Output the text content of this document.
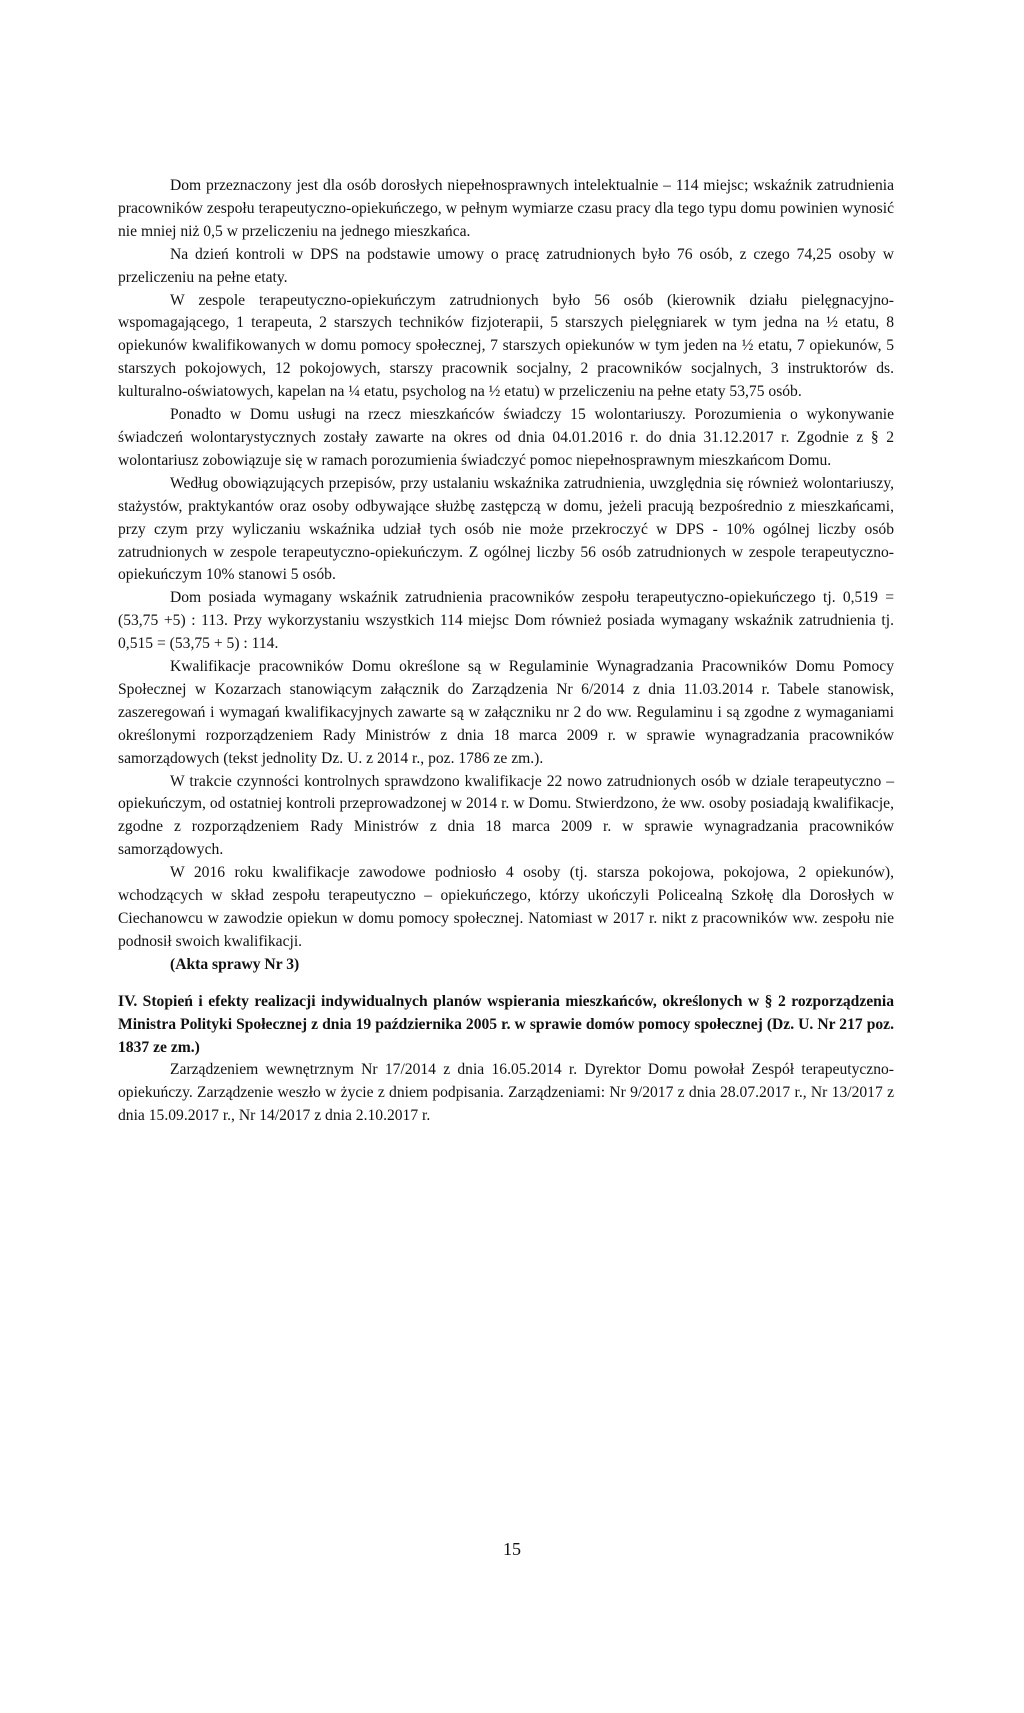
Dom przeznaczony jest dla osób dorosłych niepełnosprawnych intelektualnie – 114 miejsc; wskaźnik zatrudnienia pracowników zespołu terapeutyczno-opiekuńczego, w pełnym wymiarze czasu pracy dla tego typu domu powinien wynosić nie mniej niż 0,5 w przeliczeniu na jednego mieszkańca.

Na dzień kontroli w DPS na podstawie umowy o pracę zatrudnionych było 76 osób, z czego 74,25 osoby w przeliczeniu na pełne etaty.

W zespole terapeutyczno-opiekuńczym zatrudnionych było 56 osób (kierownik działu pielęgnacyjno-wspomagającego, 1 terapeuta, 2 starszych techników fizjoterapii, 5 starszych pielęgniarek w tym jedna na ½ etatu, 8 opiekunów kwalifikowanych w domu pomocy społecznej, 7 starszych opiekunów w tym jeden na ½ etatu, 7 opiekunów, 5 starszych pokojowych, 12 pokojowych, starszy pracownik socjalny, 2 pracowników socjalnych, 3 instruktorów ds. kulturalno-oświatowych, kapelan na ¼ etatu, psycholog na ½ etatu) w przeliczeniu na pełne etaty 53,75 osób.

Ponadto w Domu usługi na rzecz mieszkańców świadczy 15 wolontariuszy. Porozumienia o wykonywanie świadczeń wolontarystycznych zostały zawarte na okres od dnia 04.01.2016 r. do dnia 31.12.2017 r. Zgodnie z § 2 wolontariusz zobowiązuje się w ramach porozumienia świadczyć pomoc niepełnosprawnym mieszkańcom Domu.

Według obowiązujących przepisów, przy ustalaniu wskaźnika zatrudnienia, uwzględnia się również wolontariuszy, stażystów, praktykantów oraz osoby odbywające służbę zastępczą w domu, jeżeli pracują bezpośrednio z mieszkańcami, przy czym przy wyliczaniu wskaźnika udział tych osób nie może przekroczyć w DPS - 10% ogólnej liczby osób zatrudnionych w zespole terapeutyczno-opiekuńczym. Z ogólnej liczby 56 osób zatrudnionych w zespole terapeutyczno-opiekuńczym 10% stanowi 5 osób.

Dom posiada wymagany wskaźnik zatrudnienia pracowników zespołu terapeutyczno-opiekuńczego tj. 0,519 = (53,75 +5) : 113. Przy wykorzystaniu wszystkich 114 miejsc Dom również posiada wymagany wskaźnik zatrudnienia tj. 0,515 = (53,75 + 5) : 114.

Kwalifikacje pracowników Domu określone są w Regulaminie Wynagradzania Pracowników Domu Pomocy Społecznej w Kozarzach stanowiącym załącznik do Zarządzenia Nr 6/2014 z dnia 11.03.2014 r. Tabele stanowisk, zaszeregowań i wymagań kwalifikacyjnych zawarte są w załączniku nr 2 do ww. Regulaminu i są zgodne z wymaganiami określonymi rozporządzeniem Rady Ministrów z dnia 18 marca 2009 r. w sprawie wynagradzania pracowników samorządowych (tekst jednolity Dz. U. z 2014 r., poz. 1786 ze zm.).

W trakcie czynności kontrolnych sprawdzono kwalifikacje 22 nowo zatrudnionych osób w dziale terapeutyczno – opiekuńczym, od ostatniej kontroli przeprowadzonej w 2014 r. w Domu. Stwierdzono, że ww. osoby posiadają kwalifikacje, zgodne z rozporządzeniem Rady Ministrów z dnia 18 marca 2009 r. w sprawie wynagradzania pracowników samorządowych.

W 2016 roku kwalifikacje zawodowe podniosło 4 osoby (tj. starsza pokojowa, pokojowa, 2 opiekunów), wchodzących w skład zespołu terapeutyczno – opiekuńczego, którzy ukończyli Policealną Szkołę dla Dorosłych w Ciechanowcu w zawodzie opiekun w domu pomocy społecznej. Natomiast w 2017 r. nikt z pracowników ww. zespołu nie podnosił swoich kwalifikacji.

(Akta sprawy Nr 3)

IV. Stopień i efekty realizacji indywidualnych planów wspierania mieszkańców, określonych w § 2 rozporządzenia Ministra Polityki Społecznej z dnia 19 października 2005 r. w sprawie domów pomocy społecznej (Dz. U. Nr 217 poz. 1837 ze zm.)

Zarządzeniem wewnętrznym Nr 17/2014 z dnia 16.05.2014 r. Dyrektor Domu powołał Zespół terapeutyczno-opiekuńczy. Zarządzenie weszło w życie z dniem podpisania. Zarządzeniami: Nr 9/2017 z dnia 28.07.2017 r., Nr 13/2017 z dnia 15.09.2017 r., Nr 14/2017 z dnia 2.10.2017 r.

15
